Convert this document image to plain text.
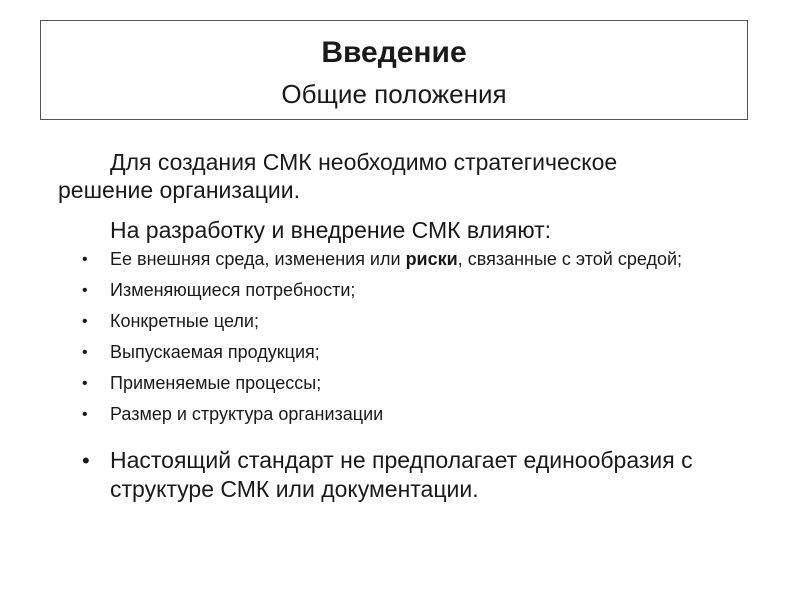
Введение
Общие положения

Для создания СМК необходимо стратегическое
решение организации.

На разработку и внедрение СМК влияют:
• Ее внешняя среда, изменения или риски, связанные с этой средой;
• Изменяющиеся потребности;
• Конкретные цели;
• Выпускаемая продукция;
• Применяемые процессы;
• Размер и структура организации
• Настоящий стандарт не предполагает единообразия с структуре СМК или документации.
